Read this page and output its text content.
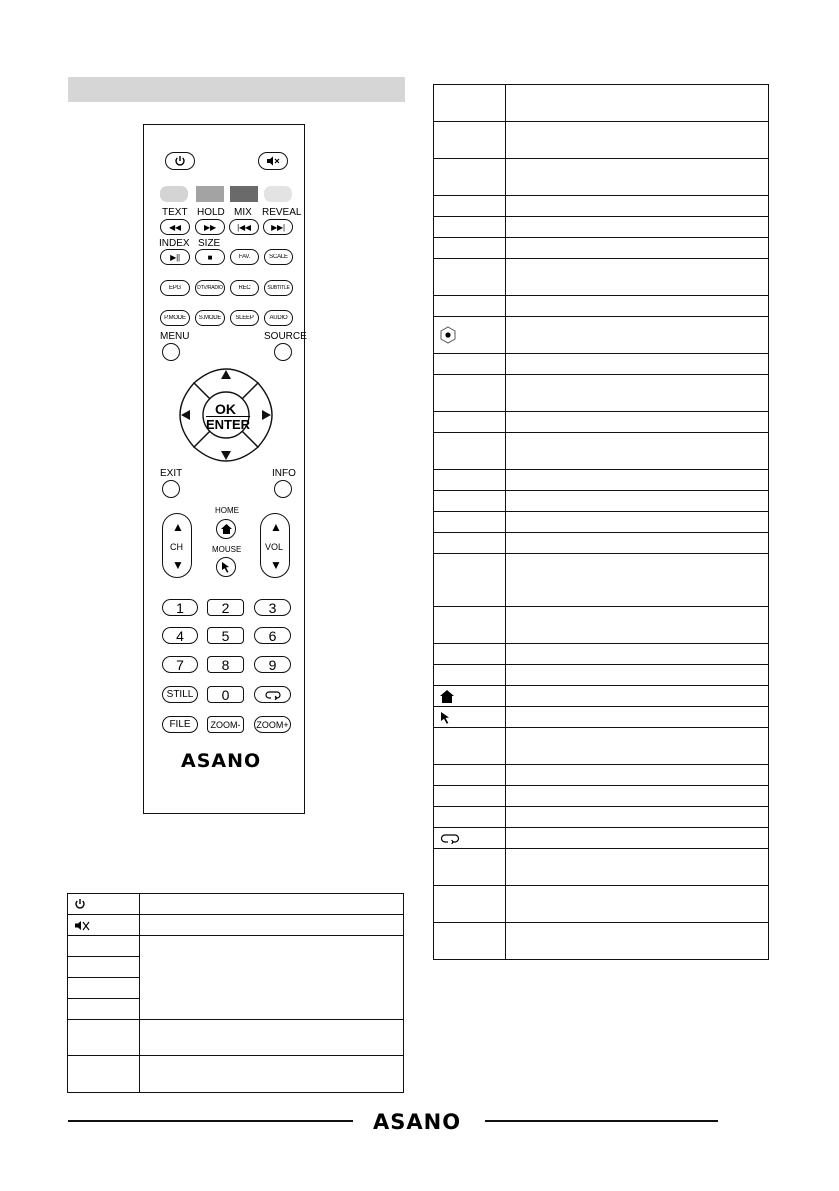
TEXT HOLD MIX REVEAL
◀◀	▶▶	|◀◀	▶▶|
INDEX SIZE
▶||	■	FAV.	SCALE
EPG	DTV/RADIO	REC	SUBTITLE
P.MODE S.MODE SLEEP	AUDIO
MENU	SOURCE
OK
ENTER
EXIT	INFO
▲
CH
▼
▲
VOL
▼
HOME
MOUSE
1	2	3
4	5	6
7	8	9
STILL 0
FILE ZOOM- ZOOM+
ASANO

ASANO
